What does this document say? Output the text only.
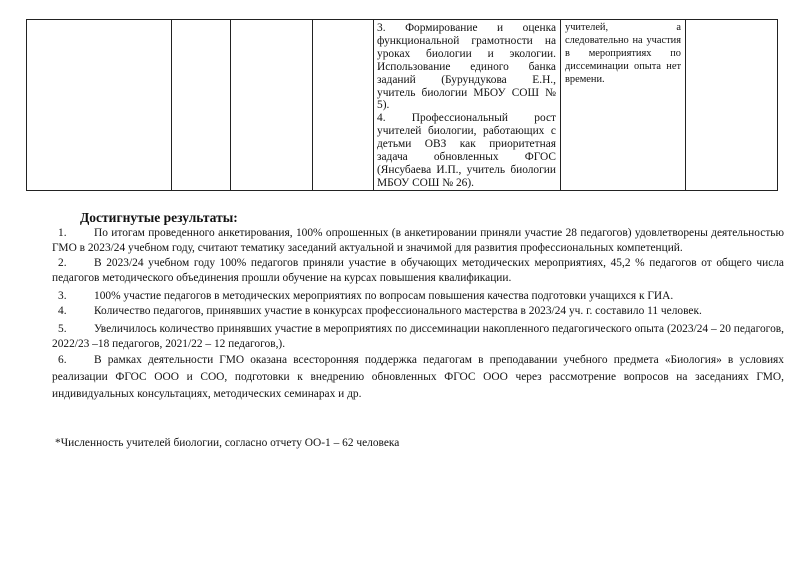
3. Формирование и оценка

функциональной грамотности на

уроках биологии и экологии.

Использование единого банка

заданий (Бурундукова Е.Н.,

учитель биологии МБОУ СОШ №

5).

4. Профессиональный рост

учителей биологии, работающих с

детьми ОВЗ как приоритетная

задача обновленных ФГОС

(Янсубаева И.П., учитель биологии

МБОУ СОШ № 26).

учителей, а

следовательно на участия

в мероприятиях по

диссеминации опыта нет

времени.

Достигнутые результаты:
1. По итогам проведенного анкетирования, 100% опрошенных (в анкетировании приняли участие 28 педагогов) удовлетворены деятельностью ГМО в 2023/24 учебном году, считают тематику заседаний актуальной и значимой для развития профессиональных компетенций.
2. В 2023/24 учебном году 100% педагогов приняли участие в обучающих методических мероприятиях, 45,2 % педагогов от общего числа педагогов методического объединения прошли обучение на курсах повышения квалификации.
3. 100% участие педагогов в методических мероприятиях по вопросам повышения качества подготовки учащихся к ГИА.
4. Количество педагогов, принявших участие в конкурсах профессионального мастерства в 2023/24 уч. г. составило 11 человек.
5. Увеличилось количество принявших участие в мероприятиях по диссеминации накопленного педагогического опыта (2023/24 – 20 педагогов, 2022/23 –18 педагогов, 2021/22 – 12 педагогов,).
6. В рамках деятельности ГМО оказана всесторонняя поддержка педагогам в преподавании учебного предмета «Биология» в условиях реализации ФГОС ООО и СОО, подготовки к внедрению обновленных ФГОС ООО через рассмотрение вопросов на заседаниях ГМО, индивидуальных консультациях, методических семинарах и др.
*Численность учителей биологии, согласно отчету ОО-1 – 62 человека
